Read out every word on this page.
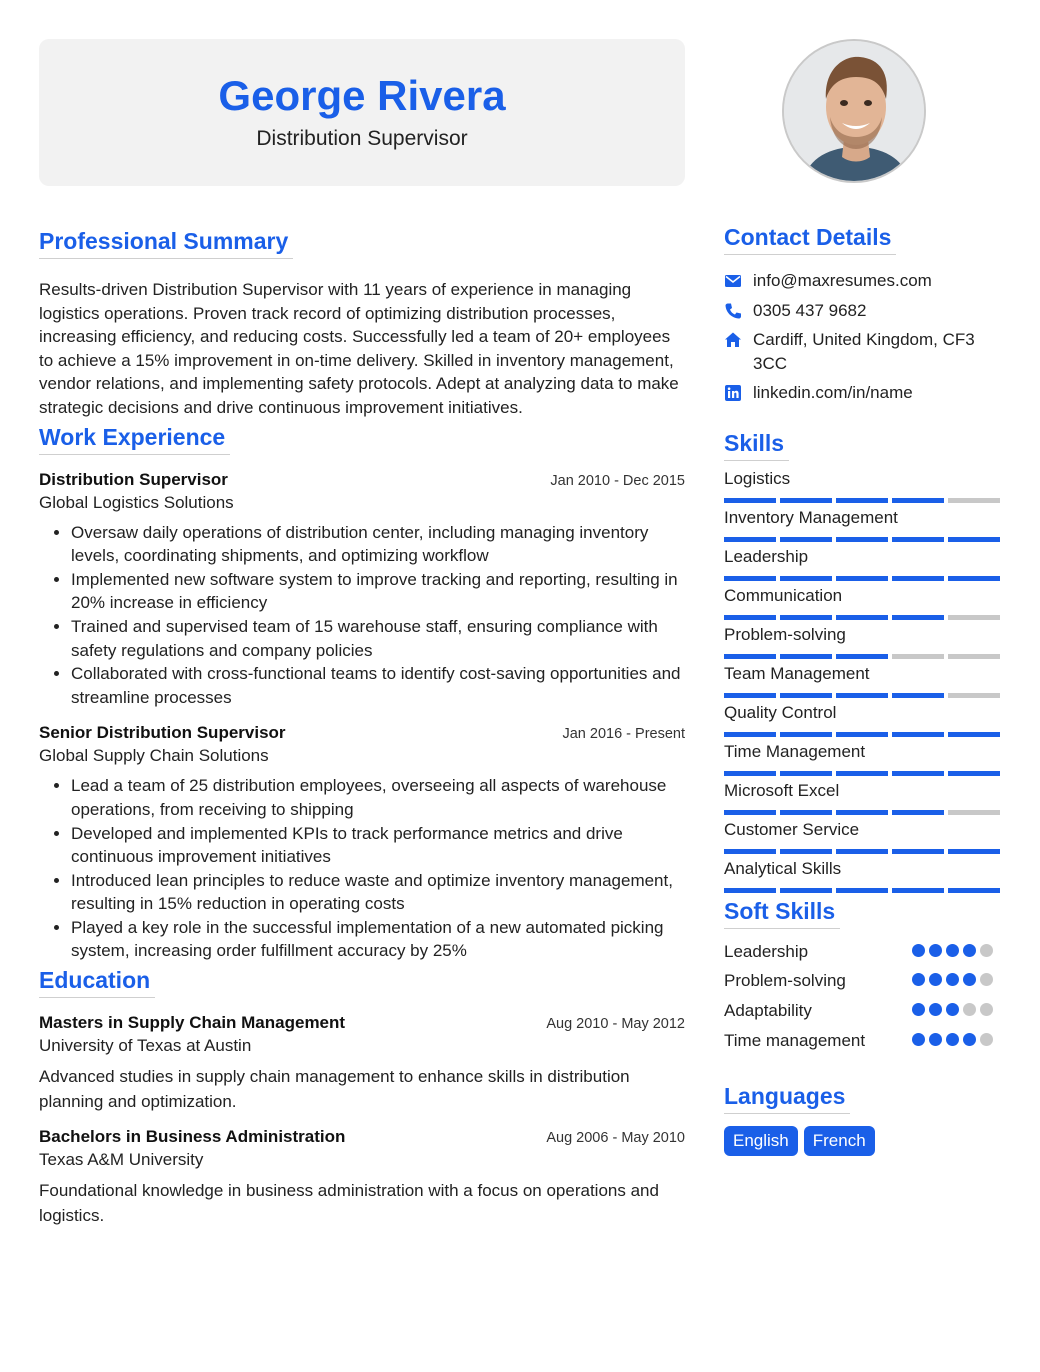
George Rivera
Distribution Supervisor
Professional Summary

Results-driven Distribution Supervisor with 11 years of experience in managing logistics operations. Proven track record of optimizing distribution processes, increasing efficiency, and reducing costs. Successfully led a team of 20+ employees to achieve a 15% improvement in on-time delivery. Skilled in inventory management, vendor relations, and implementing safety protocols. Adept at analyzing data to make strategic decisions and drive continuous improvement initiatives.

Work Experience
Distribution Supervisor	Jan 2010 - Dec 2015
Global Logistics Solutions
• Oversaw daily operations of distribution center, including managing inventory levels, coordinating shipments, and optimizing workflow
• Implemented new software system to improve tracking and reporting, resulting in 20% increase in efficiency
• Trained and supervised team of 15 warehouse staff, ensuring compliance with safety regulations and company policies
• Collaborated with cross-functional teams to identify cost-saving opportunities and streamline processes
Senior Distribution Supervisor	Jan 2016 - Present
Global Supply Chain Solutions
• Lead a team of 25 distribution employees, overseeing all aspects of warehouse operations, from receiving to shipping
• Developed and implemented KPIs to track performance metrics and drive continuous improvement initiatives
• Introduced lean principles to reduce waste and optimize inventory management, resulting in 15% reduction in operating costs
• Played a key role in the successful implementation of a new automated picking system, increasing order fulfillment accuracy by 25%
Education
Masters in Supply Chain Management	Aug 2010 - May 2012
University of Texas at Austin

Advanced studies in supply chain management to enhance skills in distribution planning and optimization.

Bachelors in Business Administration	Aug 2006 - May 2010
Texas A&M University

Foundational knowledge in business administration with a focus on operations and logistics.

Contact Details
info@maxresumes.com
0305 437 9682
Cardiff, United Kingdom, CF3 3CC
linkedin.com/in/name
Skills
Logistics
Inventory Management
Leadership
Communication
Problem-solving
Team Management
Quality Control
Time Management
Microsoft Excel
Customer Service
Analytical Skills
Soft Skills
Leadership
Problem-solving
Adaptability
Time management
Languages
English	French
